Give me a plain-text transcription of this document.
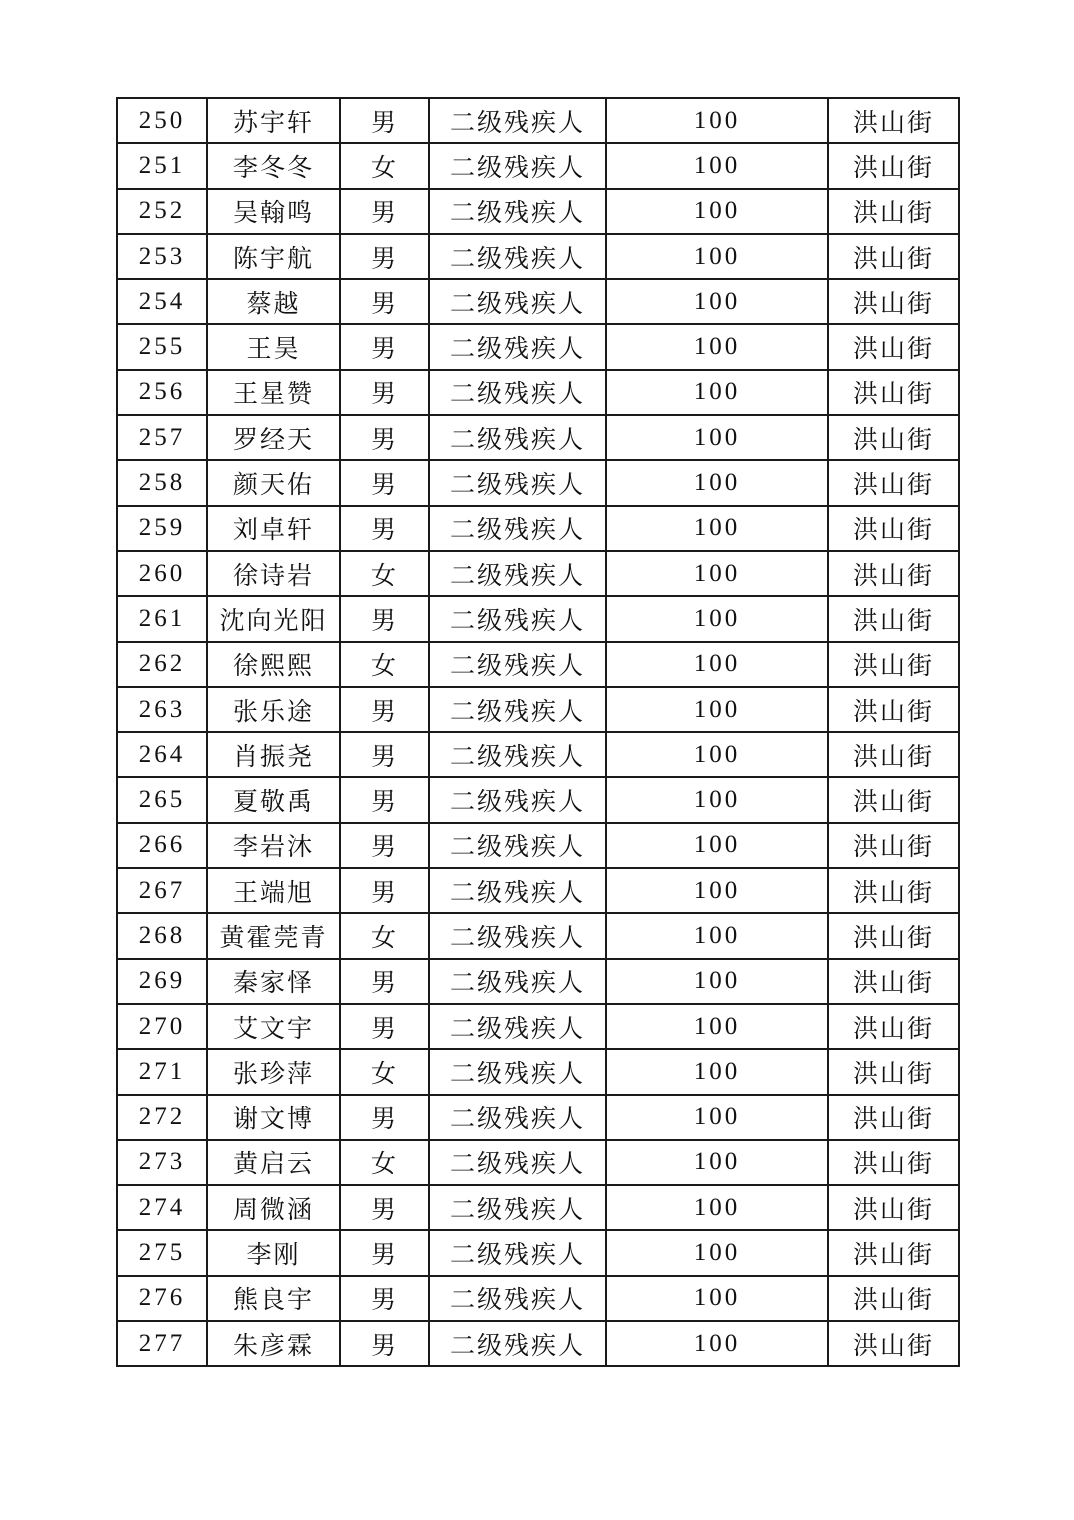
250	苏宇轩	男	二级残疾人	100	洪山街
251	李冬冬	女	二级残疾人	100	洪山街
252	吴翰鸣	男	二级残疾人	100	洪山街
253	陈宇航	男	二级残疾人	100	洪山街
254	蔡越	男	二级残疾人	100	洪山街
255	王昊	男	二级残疾人	100	洪山街
256	王星赞	男	二级残疾人	100	洪山街
257	罗经天	男	二级残疾人	100	洪山街
258	颜天佑	男	二级残疾人	100	洪山街
259	刘卓轩	男	二级残疾人	100	洪山街
260	徐诗岩	女	二级残疾人	100	洪山街
261	沈向光阳	男	二级残疾人	100	洪山街
262	徐熙熙	女	二级残疾人	100	洪山街
263	张乐途	男	二级残疾人	100	洪山街
264	肖振尧	男	二级残疾人	100	洪山街
265	夏敬禹	男	二级残疾人	100	洪山街
266	李岩沐	男	二级残疾人	100	洪山街
267	王端旭	男	二级残疾人	100	洪山街
268	黄霍莞青	女	二级残疾人	100	洪山街
269	秦家怿	男	二级残疾人	100	洪山街
270	艾文宇	男	二级残疾人	100	洪山街
271	张珍萍	女	二级残疾人	100	洪山街
272	谢文博	男	二级残疾人	100	洪山街
273	黄启云	女	二级残疾人	100	洪山街
274	周微涵	男	二级残疾人	100	洪山街
275	李刚	男	二级残疾人	100	洪山街
276	熊良宇	男	二级残疾人	100	洪山街
277	朱彦霖	男	二级残疾人	100	洪山街
